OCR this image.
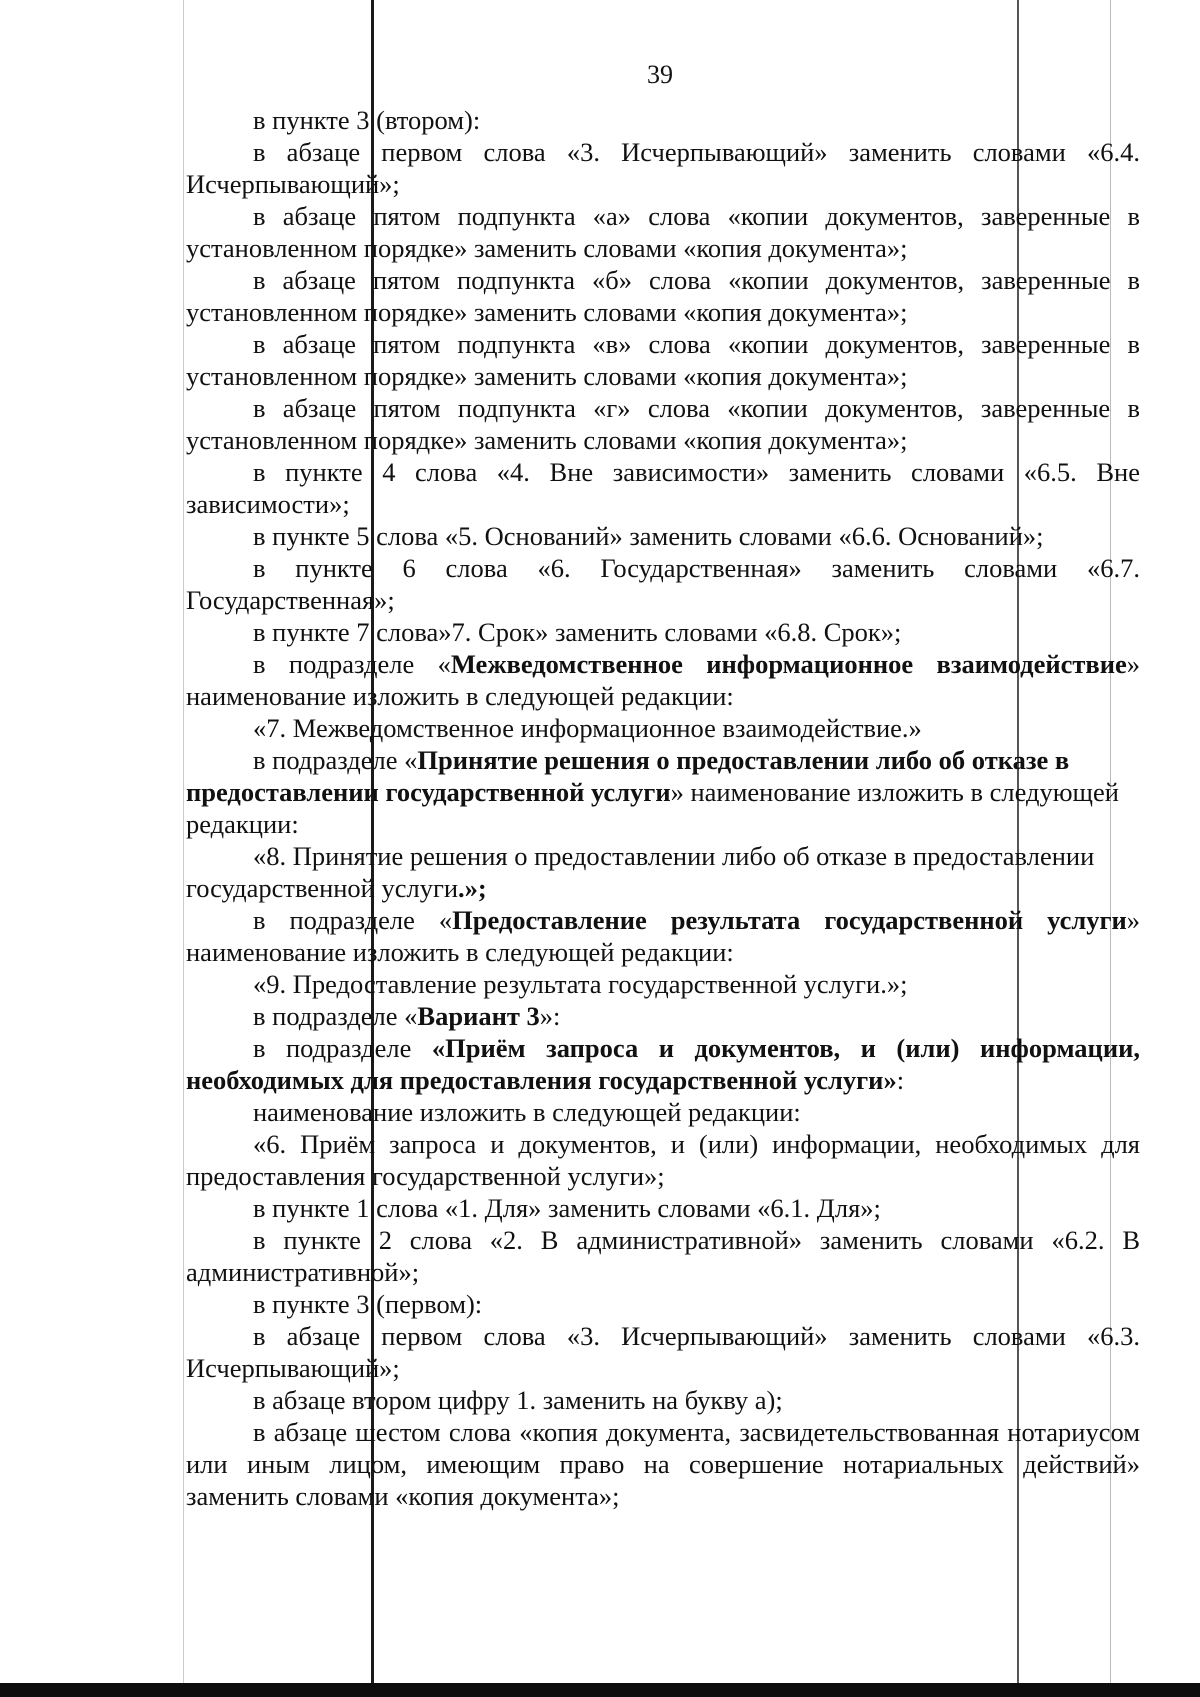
39

в пункте 3 (втором):

в абзаце первом слова «3. Исчерпывающий» заменить словами «6.4. Исчерпывающий»;

в абзаце пятом подпункта «а» слова «копии документов, заверенные в установленном порядке» заменить словами «копия документа»;

в абзаце пятом подпункта «б» слова «копии документов, заверенные в установленном порядке» заменить словами «копия документа»;

в абзаце пятом подпункта «в» слова «копии документов, заверенные в установленном порядке» заменить словами «копия документа»;

в абзаце пятом подпункта «г» слова «копии документов, заверенные в установленном порядке» заменить словами «копия документа»;

в пункте 4 слова «4. Вне зависимости» заменить словами «6.5. Вне зависимости»;

в пункте 5 слова «5. Оснований» заменить словами «6.6. Оснований»;

в пункте 6 слова «6. Государственная» заменить словами «6.7. Государственная»;

в пункте 7 слова»7. Срок» заменить словами «6.8. Срок»;

в подразделе «Межведомственное информационное взаимодействие» наименование изложить в следующей редакции:

«7. Межведомственное информационное взаимодействие.»

в подразделе «Принятие решения о предоставлении либо об отказе в предоставлении государственной услуги» наименование изложить в следующей редакции:

«8. Принятие решения о предоставлении либо об отказе в предоставлении государственной услуги.»;

в подразделе «Предоставление результата государственной услуги» наименование изложить в следующей редакции:

«9. Предоставление результата государственной услуги.»;

в подразделе «Вариант 3»:

в подразделе «Приём запроса и документов, и (или) информации, необходимых для предоставления государственной услуги»:

наименование изложить в следующей редакции:

«6. Приём запроса и документов, и (или) информации, необходимых для предоставления государственной услуги»;

в пункте 1 слова «1. Для» заменить словами «6.1. Для»;

в пункте 2 слова «2. В административной» заменить словами «6.2. В административной»;

в пункте 3 (первом):

в абзаце первом слова «3. Исчерпывающий» заменить словами «6.3. Исчерпывающий»;

в абзаце втором цифру 1. заменить на букву а);

в абзаце шестом слова «копия документа, засвидетельствованная нотариусом или иным лицом, имеющим право на совершение нотариальных действий» заменить словами «копия документа»;
